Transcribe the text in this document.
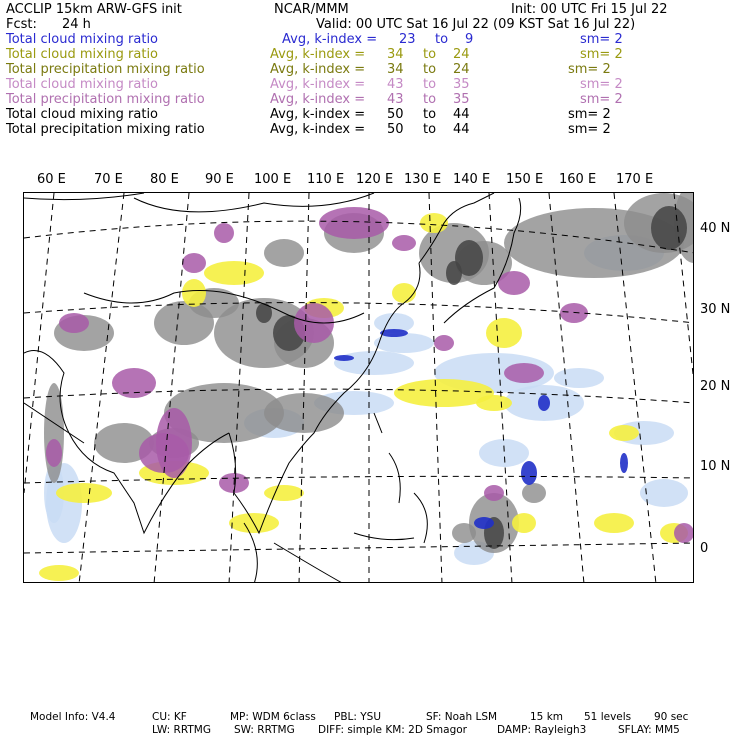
ACCLIP 15km ARW-GFS init	NCAR/MMM	Init: 00 UTC Fri 15 Jul 22
Fcst: 24 h	Valid: 00 UTC Sat 16 Jul 22 (09 KST Sat 16 Jul 22)
Total cloud mixing ratio	Avg, k-index = 23 to 9	sm= 2
Total cloud mixing ratio	Avg, k-index = 34 to 24	sm= 2
Total precipitation mixing ratio	Avg, k-index = 34 to 24	sm= 2
Total cloud mixing ratio	Avg, k-index = 43 to 35	sm= 2
Total precipitation mixing ratio	Avg, k-index = 43 to 35	sm= 2
Total cloud mixing ratio	Avg, k-index = 50 to 44	sm= 2
Total precipitation mixing ratio	Avg, k-index = 50 to 44	sm= 2
60 E 70 E 80 E 90 E 100 E 110 E 120 E 130 E 140 E 150 E 160 E 170 E
40 N
30 N
20 N
10 N
0
Model Info: V4.4	CU: KF	MP: WDM 6class PBL: YSU	SF: Noah LSM	15 km 51 levels 90 sec
LW: RRTMG SW: RRTMG DIFF: simple KM: 2D Smagor	DAMP: Rayleigh3	SFLAY: MM5
